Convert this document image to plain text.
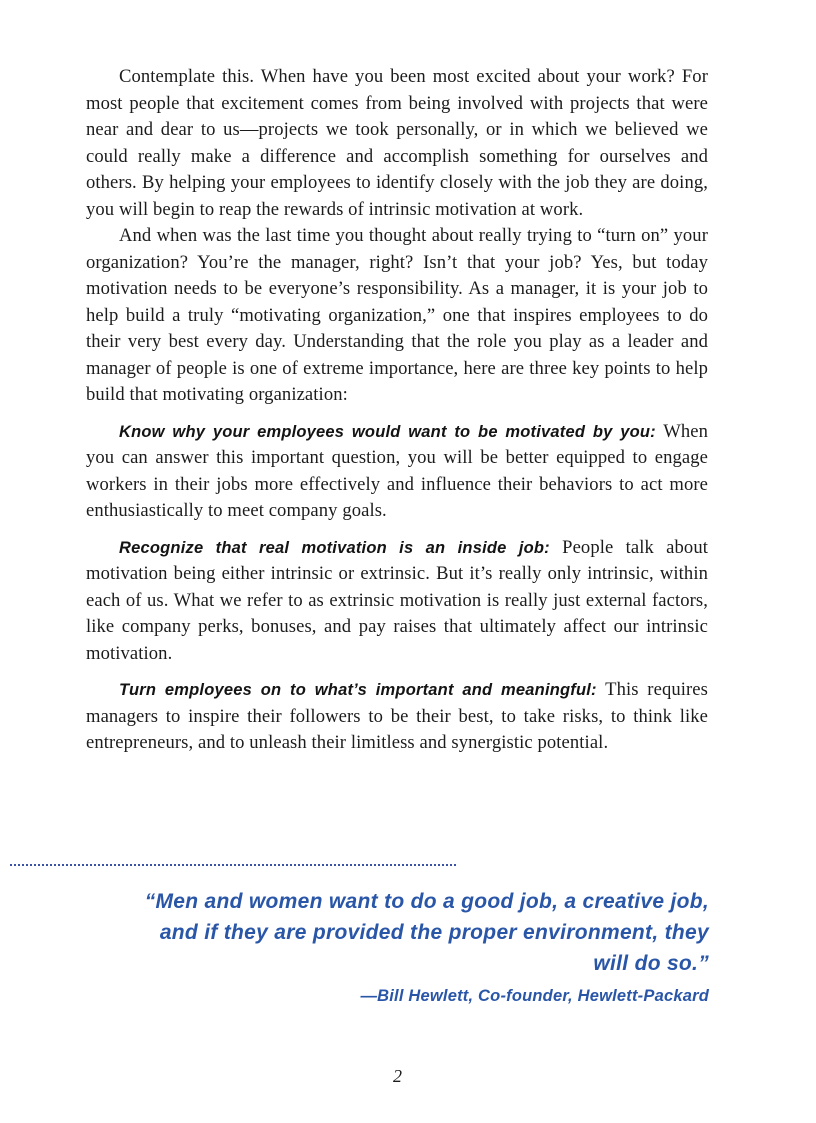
Contemplate this. When have you been most excited about your work? For most people that excitement comes from being involved with projects that were near and dear to us—projects we took personally, or in which we believed we could really make a difference and accomplish something for ourselves and others. By helping your employees to identify closely with the job they are doing, you will begin to reap the rewards of intrinsic motivation at work.

And when was the last time you thought about really trying to “turn on” your organization? You’re the manager, right? Isn’t that your job? Yes, but today motivation needs to be everyone’s responsibility. As a manager, it is your job to help build a truly “motivating organization,” one that inspires employees to do their very best every day. Understanding that the role you play as a leader and manager of people is one of extreme importance, here are three key points to help build that motivating organization:

Know why your employees would want to be motivated by you: When you can answer this important question, you will be better equipped to engage workers in their jobs more effectively and influence their behaviors to act more enthusiastically to meet company goals.

Recognize that real motivation is an inside job: People talk about motivation being either intrinsic or extrinsic. But it’s really only intrinsic, within each of us. What we refer to as extrinsic motivation is really just external factors, like company perks, bonuses, and pay raises that ultimately affect our intrinsic motivation.

Turn employees on to what’s important and meaningful: This requires managers to inspire their followers to be their best, to take risks, to think like entrepreneurs, and to unleash their limitless and synergistic potential.

“Men and women want to do a good job, a creative job, and if they are provided the proper environment, they will do so.”

—Bill Hewlett, Co-founder, Hewlett-Packard

2
